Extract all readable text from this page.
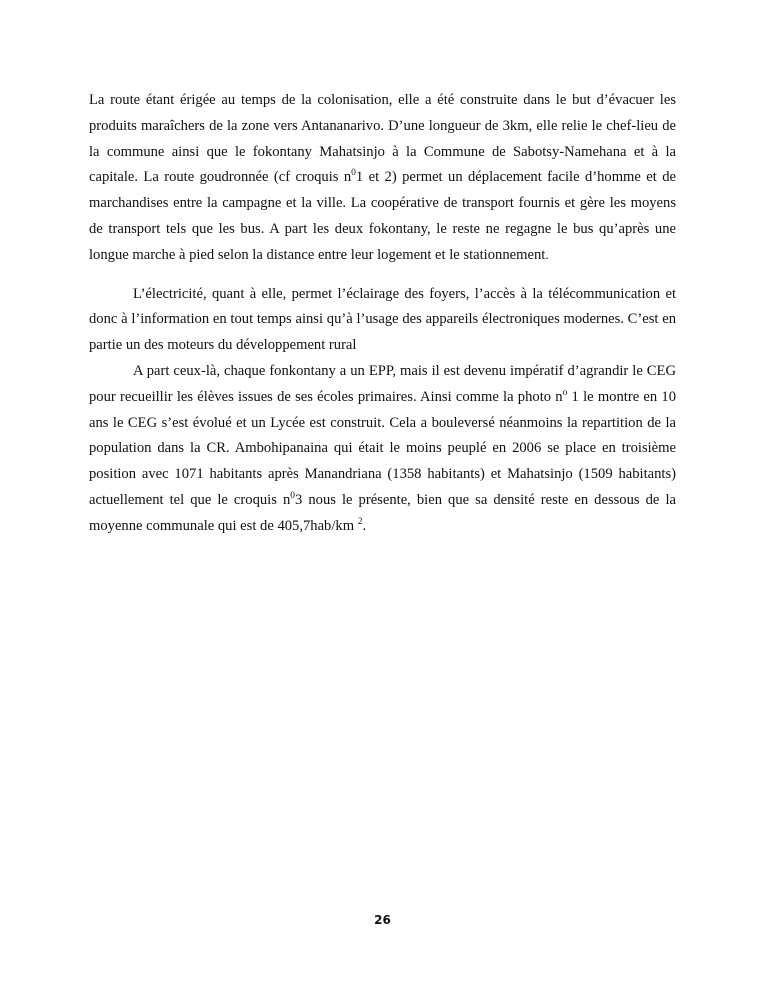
La route étant érigée au temps de la colonisation, elle a été construite dans le but d’évacuer les produits maraîchers de la zone vers Antananarivo. D’une longueur de 3km, elle relie le chef-lieu de la commune ainsi que le fokontany Mahatsinjo à la Commune de Sabotsy-Namehana et à la capitale. La route goudronnée (cf croquis $n^01$ et 2) permet un déplacement facile d’homme et de marchandises entre la campagne et la ville. La coopérative de transport fournis et gère les moyens de transport tels que les bus. A part les deux fokontany, le reste ne regagne le bus qu’après une longue marche à pied selon la distance entre leur logement et le stationnement.

L’électricité, quant à elle, permet l’éclairage des foyers, l’accès à la télécommunication et donc à l’information en tout temps ainsi qu’à l’usage des appareils électroniques modernes. C’est en partie un des moteurs du développement rural

A part ceux-là, chaque fonkontany a un EPP, mais il est devenu impératif d’agrandir le CEG pour recueillir les élèves issues de ses écoles primaires. Ainsi comme la photo $n^o$ 1 le montre en 10 ans le CEG s’est évolué et un Lycée est construit. Cela a bouleversé néanmoins la repartition de la population dans la CR. Ambohipanaina qui était le moins peuplé en 2006 se place en troisième position avec 1071 habitants après Manandriana (1358 habitants) et Mahatsinjo (1509 habitants) actuellement tel que le croquis $n^03$ nous le présente, bien que sa densité reste en dessous de la moyenne communale qui est de 405,7hab/km $^2$.

26
